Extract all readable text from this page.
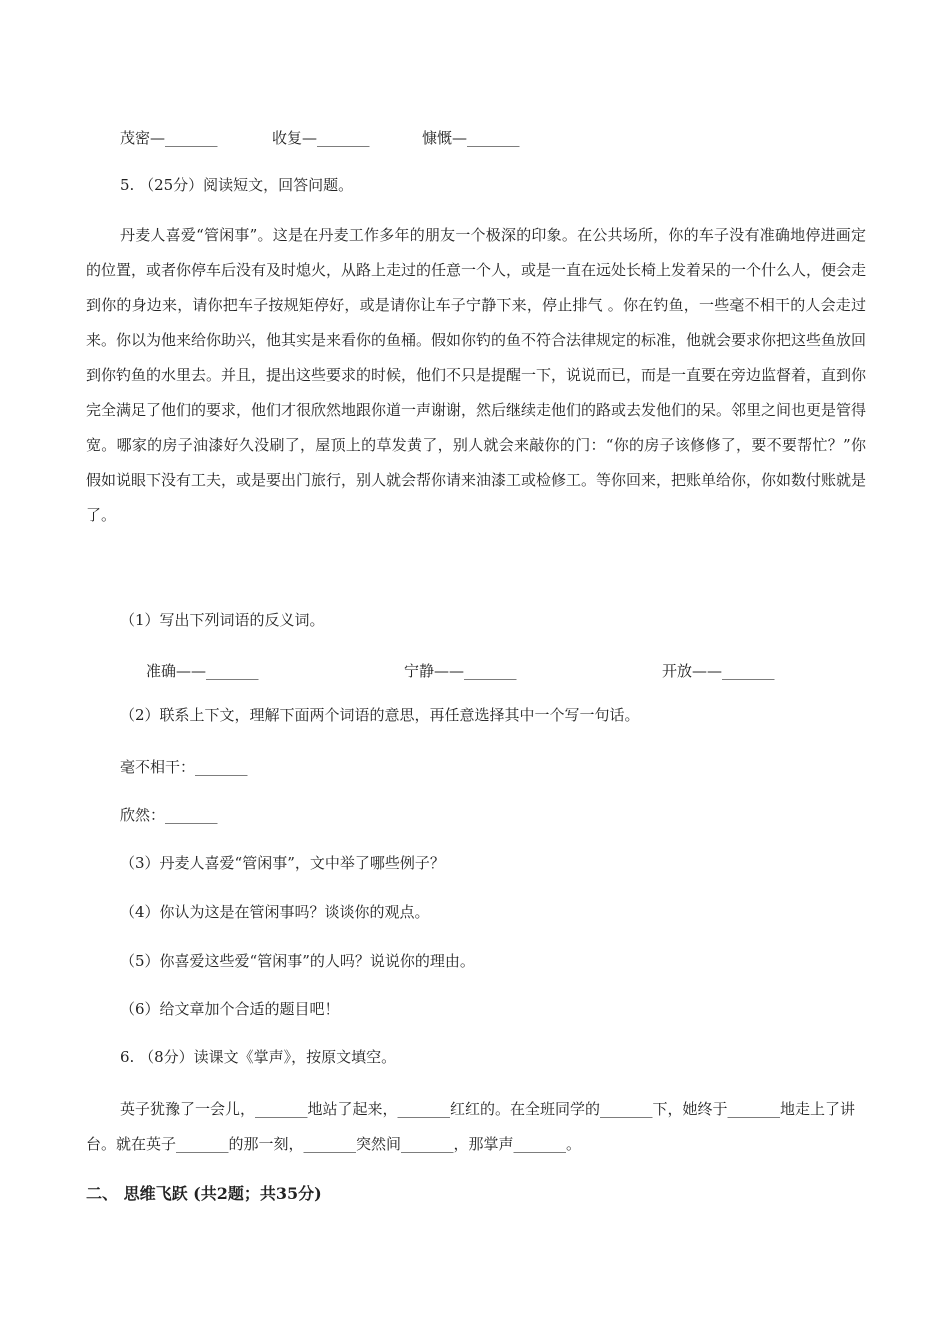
茂密—_______	收复—_______	慷慨—_______
5. （25分）阅读短文，回答问题。
丹麦人喜爱“管闲事”。这是在丹麦工作多年的朋友一个极深的印象。在公共场所，你的车子没有准确地停进画定的位置，或者你停车后没有及时熄火，从路上走过的任意一个人，或是一直在远处长椅上发着呆的一个什么人，便会走到你的身边来，请你把车子按规矩停好，或是请你让车子宁静下来，停止排气 。你在钓鱼，一些毫不相干的人会走过来。你以为他来给你助兴，他其实是来看你的鱼桶。假如你钓的鱼不符合法律规定的标准，他就会要求你把这些鱼放回到你钓鱼的水里去。并且，提出这些要求的时候，他们不只是提醒一下，说说而已，而是一直要在旁边监督着，直到你完全满足了他们的要求，他们才很欣然地跟你道一声谢谢，然后继续走他们的路或去发他们的呆。邻里之间也更是管得宽。哪家的房子油漆好久没刷了，屋顶上的草发黄了，别人就会来敲你的门：“你的房子该修修了，要不要帮忙？”你假如说眼下没有工夫，或是要出门旅行，别人就会帮你请来油漆工或检修工。等你回来，把账单给你，你如数付账就是了。
（1）写出下列词语的反义词。
准确——_______	宁静——_______	开放——_______
（2）联系上下文，理解下面两个词语的意思，再任意选择其中一个写一句话。
毫不相干：_______
欣然：_______
（3）丹麦人喜爱“管闲事”，文中举了哪些例子？
（4）你认为这是在管闲事吗？谈谈你的观点。
（5）你喜爱这些爱“管闲事”的人吗？说说你的理由。
（6）给文章加个合适的题目吧！
6. （8分）读课文《掌声》，按原文填空。
英子犹豫了一会儿，_______地站了起来，_______红红的。在全班同学的_______下，她终于_______地走上了讲台。就在英子_______的那一刻，_______突然间_______，那掌声_______。
二、 思维飞跃 (共2题；共35分)
